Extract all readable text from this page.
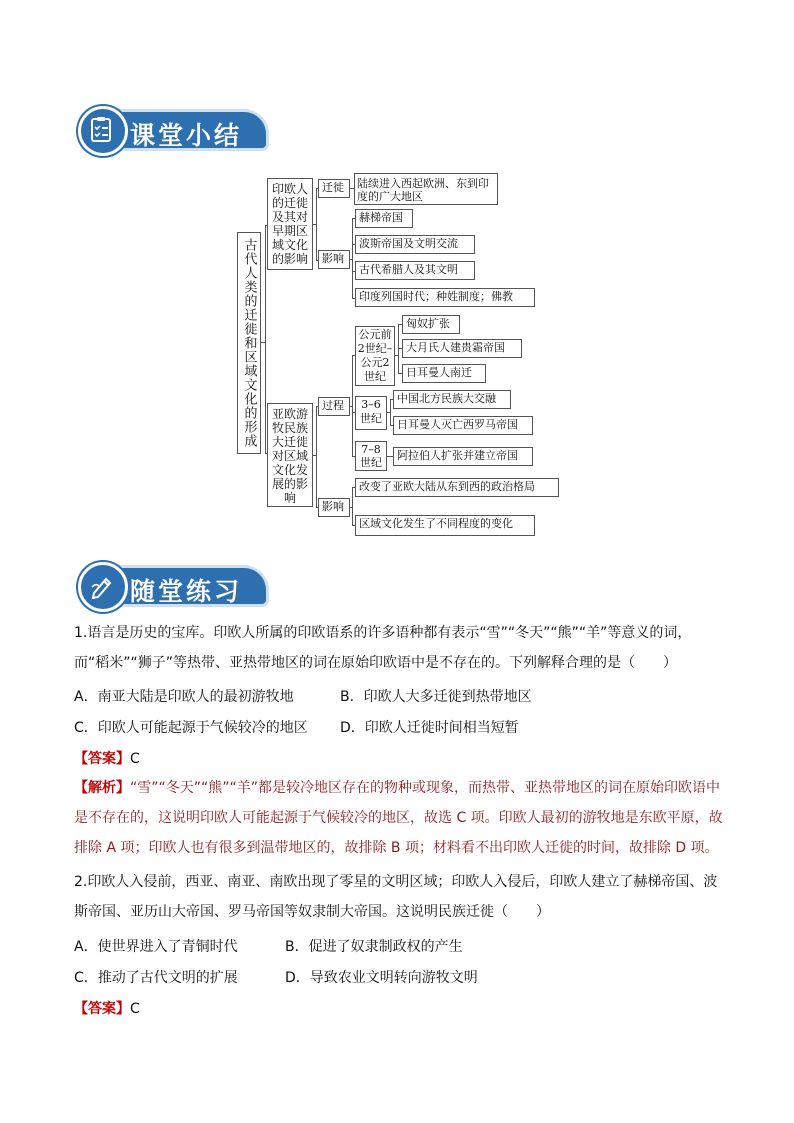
课堂小结
古代人类的迁徙和区域文化的形成
印欧人的迁徙及其对早期区域文化的影响
迁徙	陆续进入西起欧洲、东到印度的广大地区
影响
赫梯帝国
波斯帝国及文明交流
古代希腊人及其文明
印度列国时代；种姓制度；佛教
亚欧游牧民族大迁徙对区域文化发展的影响
过程
公元前2世纪–公元2世纪
匈奴扩张
大月氏人建贵霜帝国
日耳曼人南迁
3–6世纪
中国北方民族大交融
日耳曼人灭亡西罗马帝国
7–8世纪
阿拉伯人扩张并建立帝国
影响
改变了亚欧大陆从东到西的政治格局
区域文化发生了不同程度的变化
随堂练习
1.语言是历史的宝库。印欧人所属的印欧语系的许多语种都有表示“雪”“冬天”“熊”“羊”等意义的词，而“稻米”“狮子”等热带、亚热带地区的词在原始印欧语中是不存在的。下列解释合理的是（　　）
A．南亚大陆是印欧人的最初游牧地	B．印欧人大多迁徙到热带地区
C．印欧人可能起源于气候较冷的地区 D．印欧人迁徙时间相当短暂
【答案】C
【解析】“雪”“冬天”“熊”“羊”都是较冷地区存在的物种或现象，而热带、亚热带地区的词在原始印欧语中是不存在的，这说明印欧人可能起源于气候较冷的地区，故选 C 项。印欧人最初的游牧地是东欧平原，故排除 A 项；印欧人也有很多到温带地区的，故排除 B 项；材料看不出印欧人迁徙的时间，故排除 D 项。
2.印欧人入侵前，西亚、南亚、南欧出现了零星的文明区域；印欧人入侵后，印欧人建立了赫梯帝国、波斯帝国、亚历山大帝国、罗马帝国等奴隶制大帝国。这说明民族迁徙（　　）
A．使世界进入了青铜时代	B．促进了奴隶制政权的产生
C．推动了古代文明的扩展	D．导致农业文明转向游牧文明
【答案】C
